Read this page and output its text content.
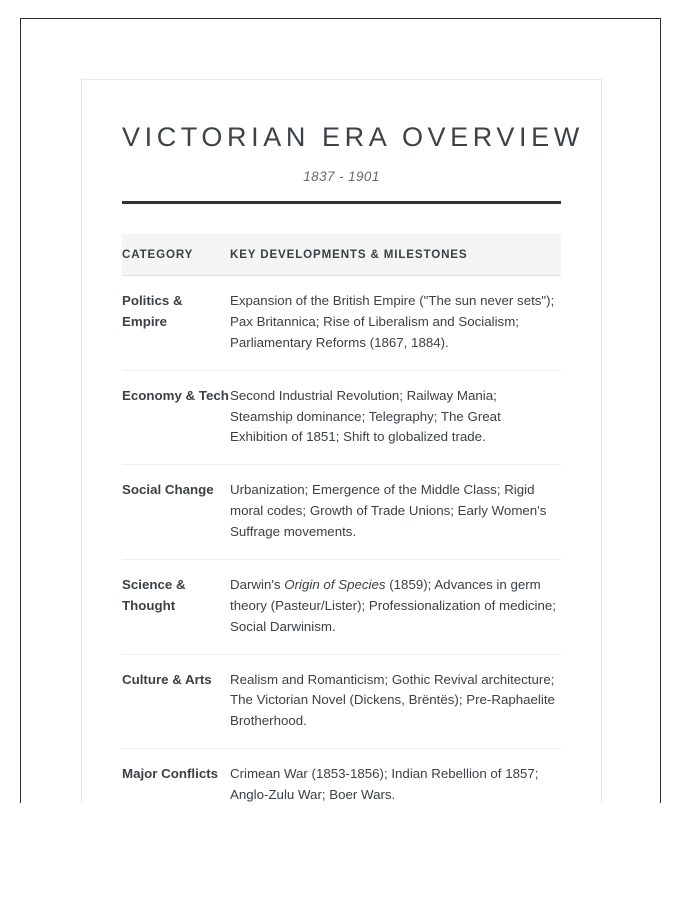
VICTORIAN ERA OVERVIEW
1837 - 1901
CATEGORY	KEY DEVELOPMENTS & MILESTONES
Politics & Empire	Expansion of the British Empire ("The sun never sets"); Pax Britannica; Rise of Liberalism and Socialism; Parliamentary Reforms (1867, 1884).
Economy & Tech	Second Industrial Revolution; Railway Mania; Steamship dominance; Telegraphy; The Great Exhibition of 1851; Shift to globalized trade.
Social Change	Urbanization; Emergence of the Middle Class; Rigid moral codes; Growth of Trade Unions; Early Women's Suffrage movements.
Science & Thought	Darwin's Origin of Species (1859); Advances in germ theory (Pasteur/Lister); Professionalization of medicine; Social Darwinism.
Culture & Arts	Realism and Romanticism; Gothic Revival architecture; The Victorian Novel (Dickens, Brëntës); Pre-Raphaelite Brotherhood.
Major Conflicts	Crimean War (1853-1856); Indian Rebellion of 1857; Anglo-Zulu War; Boer Wars.
